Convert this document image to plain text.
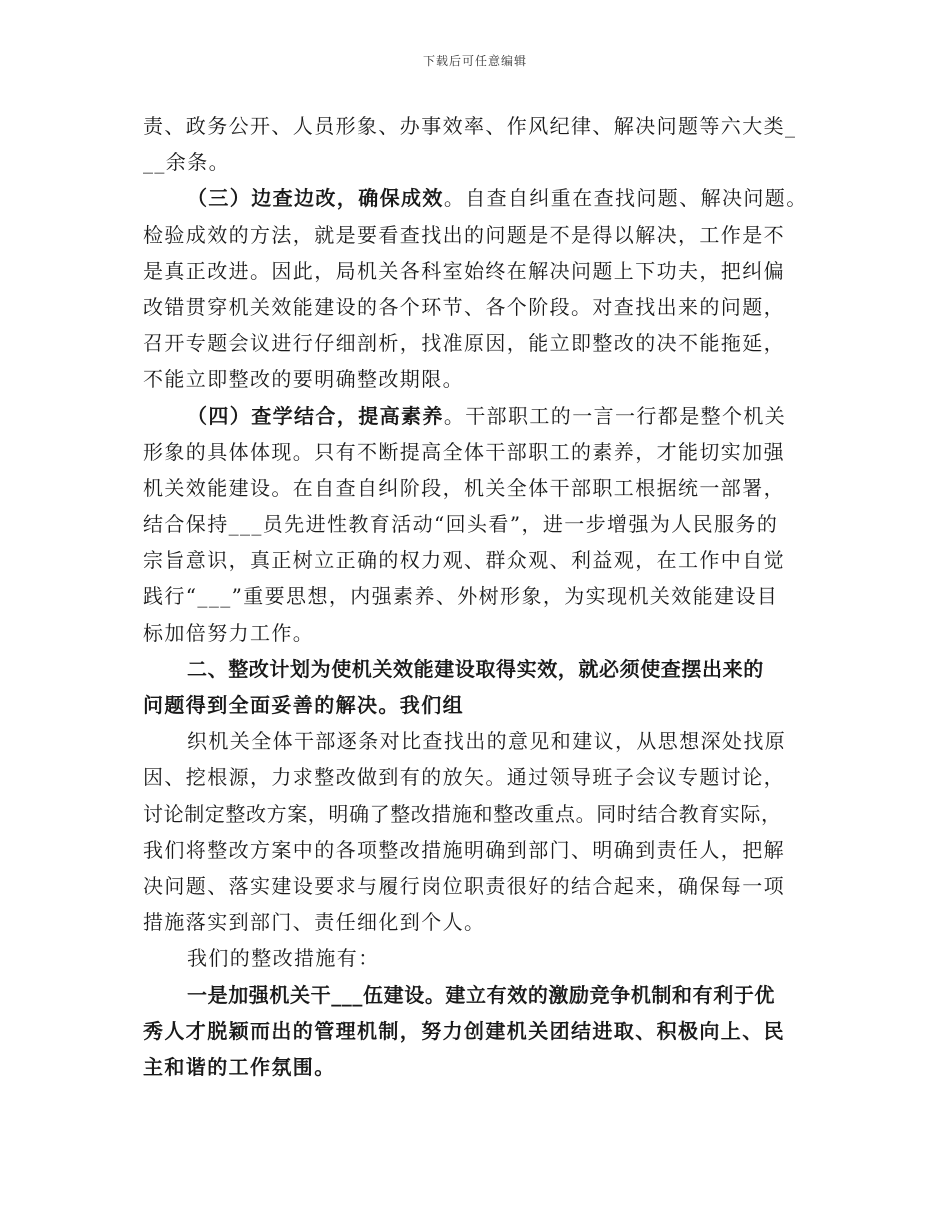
下载后可任意编辑
责、政务公开、人员形象、办事效率、作风纪律、解决问题等六大类_
__余条。
（三）边查边改，确保成效。自查自纠重在查找问题、解决问题。
检验成效的方法，就是要看查找出的问题是不是得以解决，工作是不
是真正改进。因此，局机关各科室始终在解决问题上下功夫，把纠偏
改错贯穿机关效能建设的各个环节、各个阶段。对查找出来的问题，
召开专题会议进行仔细剖析，找准原因，能立即整改的决不能拖延，
不能立即整改的要明确整改期限。
（四）查学结合，提高素养。干部职工的一言一行都是整个机关
形象的具体体现。只有不断提高全体干部职工的素养，才能切实加强
机关效能建设。在自查自纠阶段，机关全体干部职工根据统一部署，
结合保持___员先进性教育活动“回头看”，进一步增强为人民服务的
宗旨意识，真正树立正确的权力观、群众观、利益观，在工作中自觉
践行“___”重要思想，内强素养、外树形象，为实现机关效能建设目
标加倍努力工作。
二、整改计划为使机关效能建设取得实效，就必须使查摆出来的
问题得到全面妥善的解决。我们组
织机关全体干部逐条对比查找出的意见和建议，从思想深处找原
因、挖根源，力求整改做到有的放矢。通过领导班子会议专题讨论，
讨论制定整改方案，明确了整改措施和整改重点。同时结合教育实际，
我们将整改方案中的各项整改措施明确到部门、明确到责任人，把解
决问题、落实建设要求与履行岗位职责很好的结合起来，确保每一项
措施落实到部门、责任细化到个人。
我们的整改措施有：
一是加强机关干___伍建设。建立有效的激励竞争机制和有利于优
秀人才脱颖而出的管理机制，努力创建机关团结进取、积极向上、民
主和谐的工作氛围。
